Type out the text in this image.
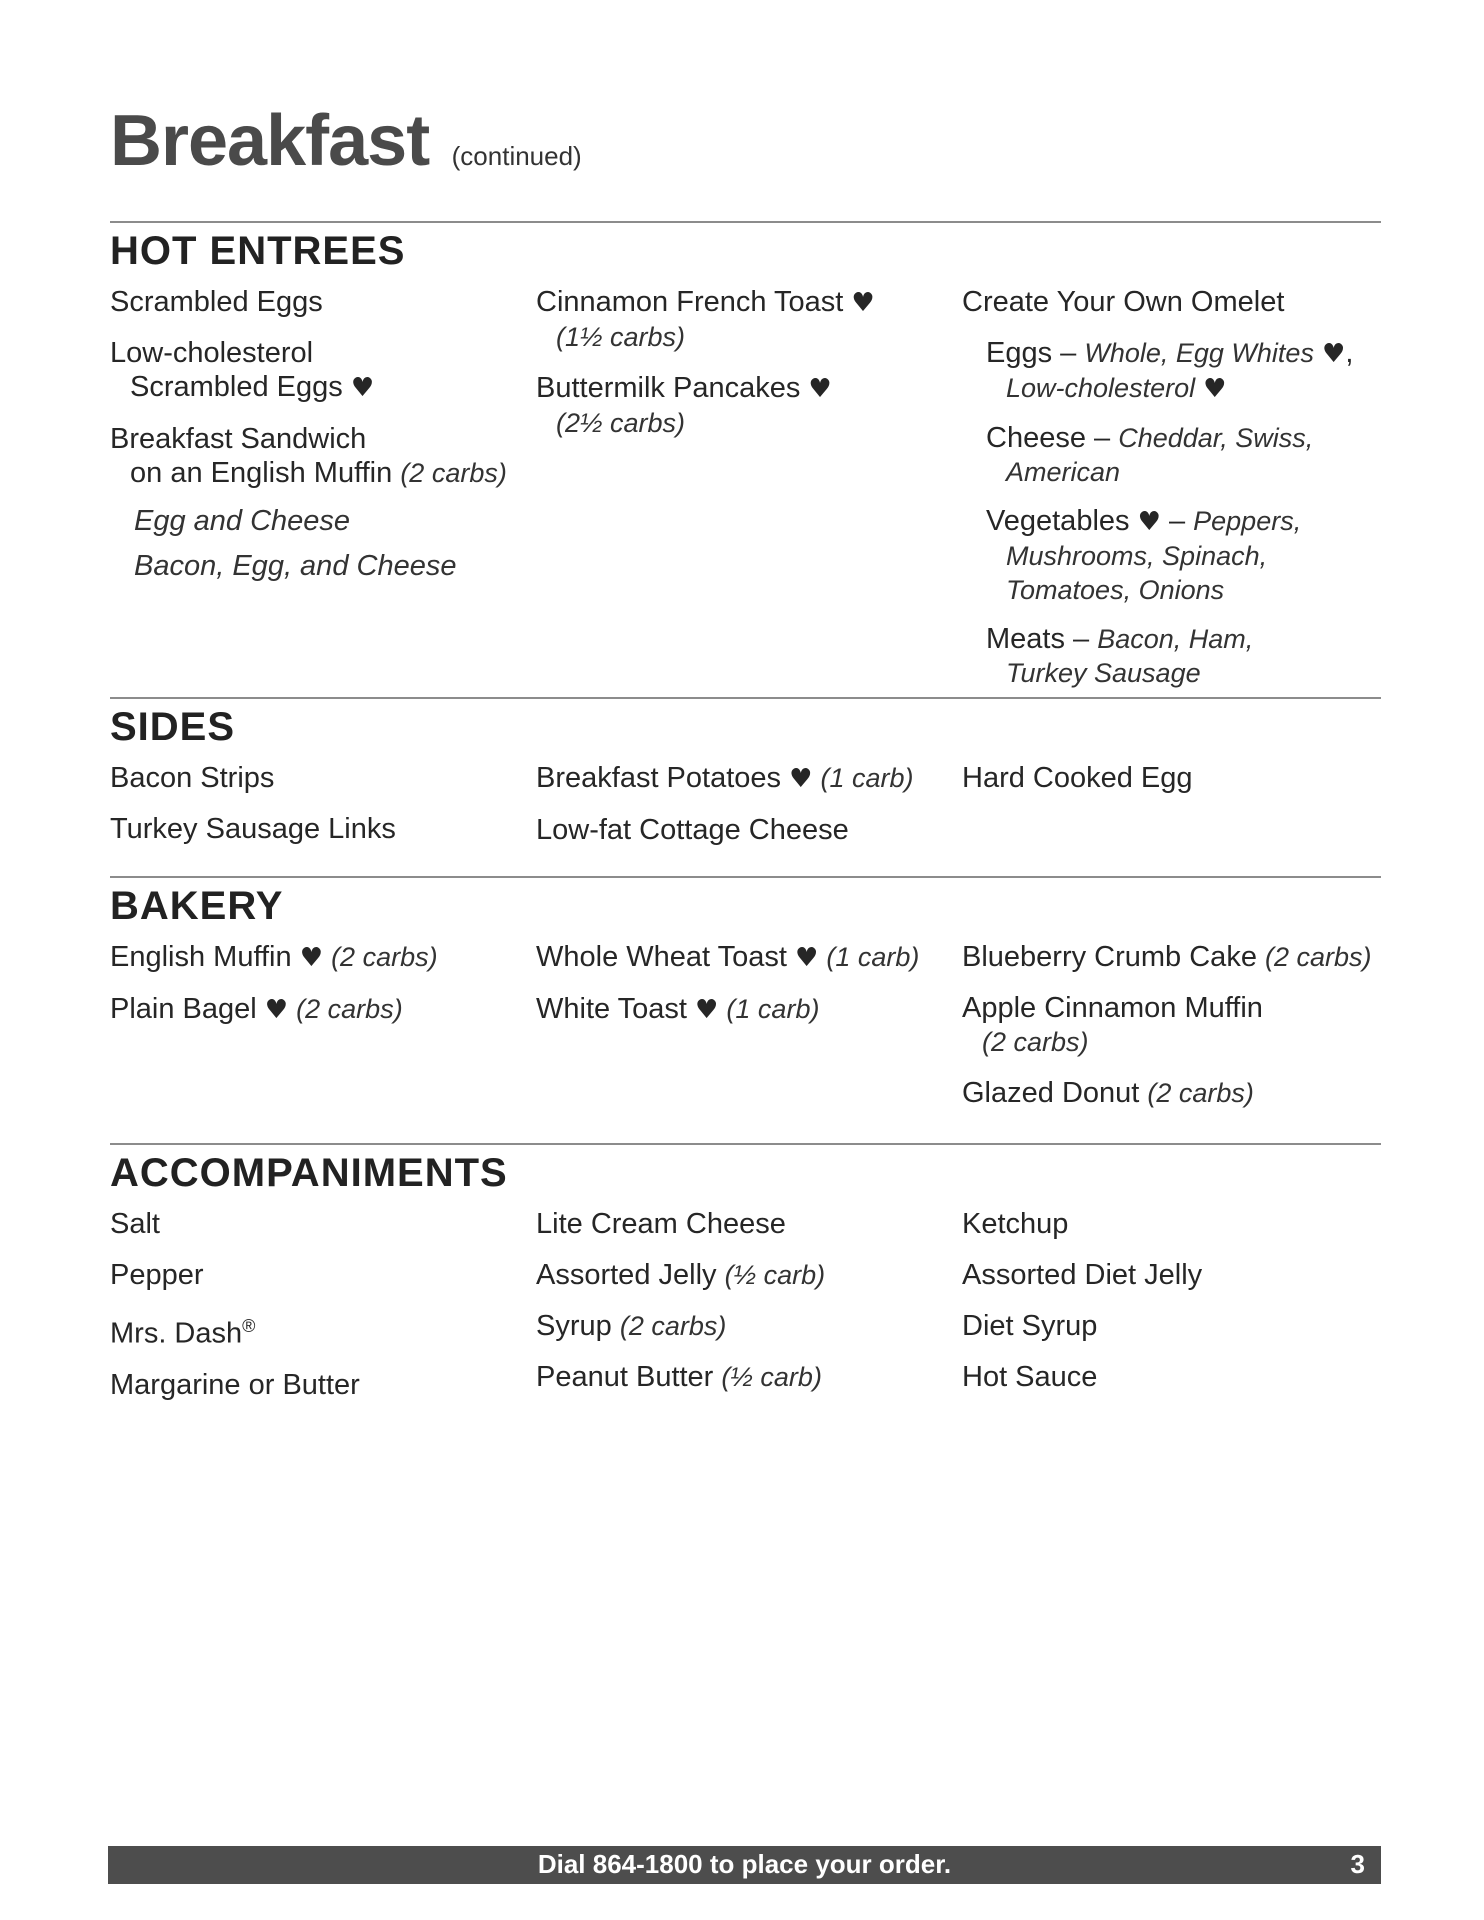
Breakfast (continued)
HOT ENTREES
Scrambled Eggs
Low-cholesterol
Scrambled Eggs ♥
Breakfast Sandwich
on an English Muffin (2 carbs)
Egg and Cheese
Bacon, Egg, and Cheese
Cinnamon French Toast ♥
(1½ carbs)
Buttermilk Pancakes ♥
(2½ carbs)
Create Your Own Omelet
Eggs – Whole, Egg Whites ♥,
Low-cholesterol ♥
Cheese – Cheddar, Swiss,
American
Vegetables ♥ – Peppers,
Mushrooms, Spinach,
Tomatoes, Onions
Meats – Bacon, Ham,
Turkey Sausage
SIDES
Bacon Strips
Turkey Sausage Links
Breakfast Potatoes ♥ (1 carb)
Low-fat Cottage Cheese
Hard Cooked Egg
BAKERY
English Muffin ♥ (2 carbs)
Plain Bagel ♥ (2 carbs)
Whole Wheat Toast ♥ (1 carb)
White Toast ♥ (1 carb)
Blueberry Crumb Cake (2 carbs)
Apple Cinnamon Muffin
(2 carbs)
Glazed Donut (2 carbs)
ACCOMPANIMENTS
Salt
Pepper
Mrs. Dash®
Margarine or Butter
Lite Cream Cheese
Assorted Jelly (½ carb)
Syrup (2 carbs)
Peanut Butter (½ carb)
Ketchup
Assorted Diet Jelly
Diet Syrup
Hot Sauce
Dial 864-1800 to place your order.	3
